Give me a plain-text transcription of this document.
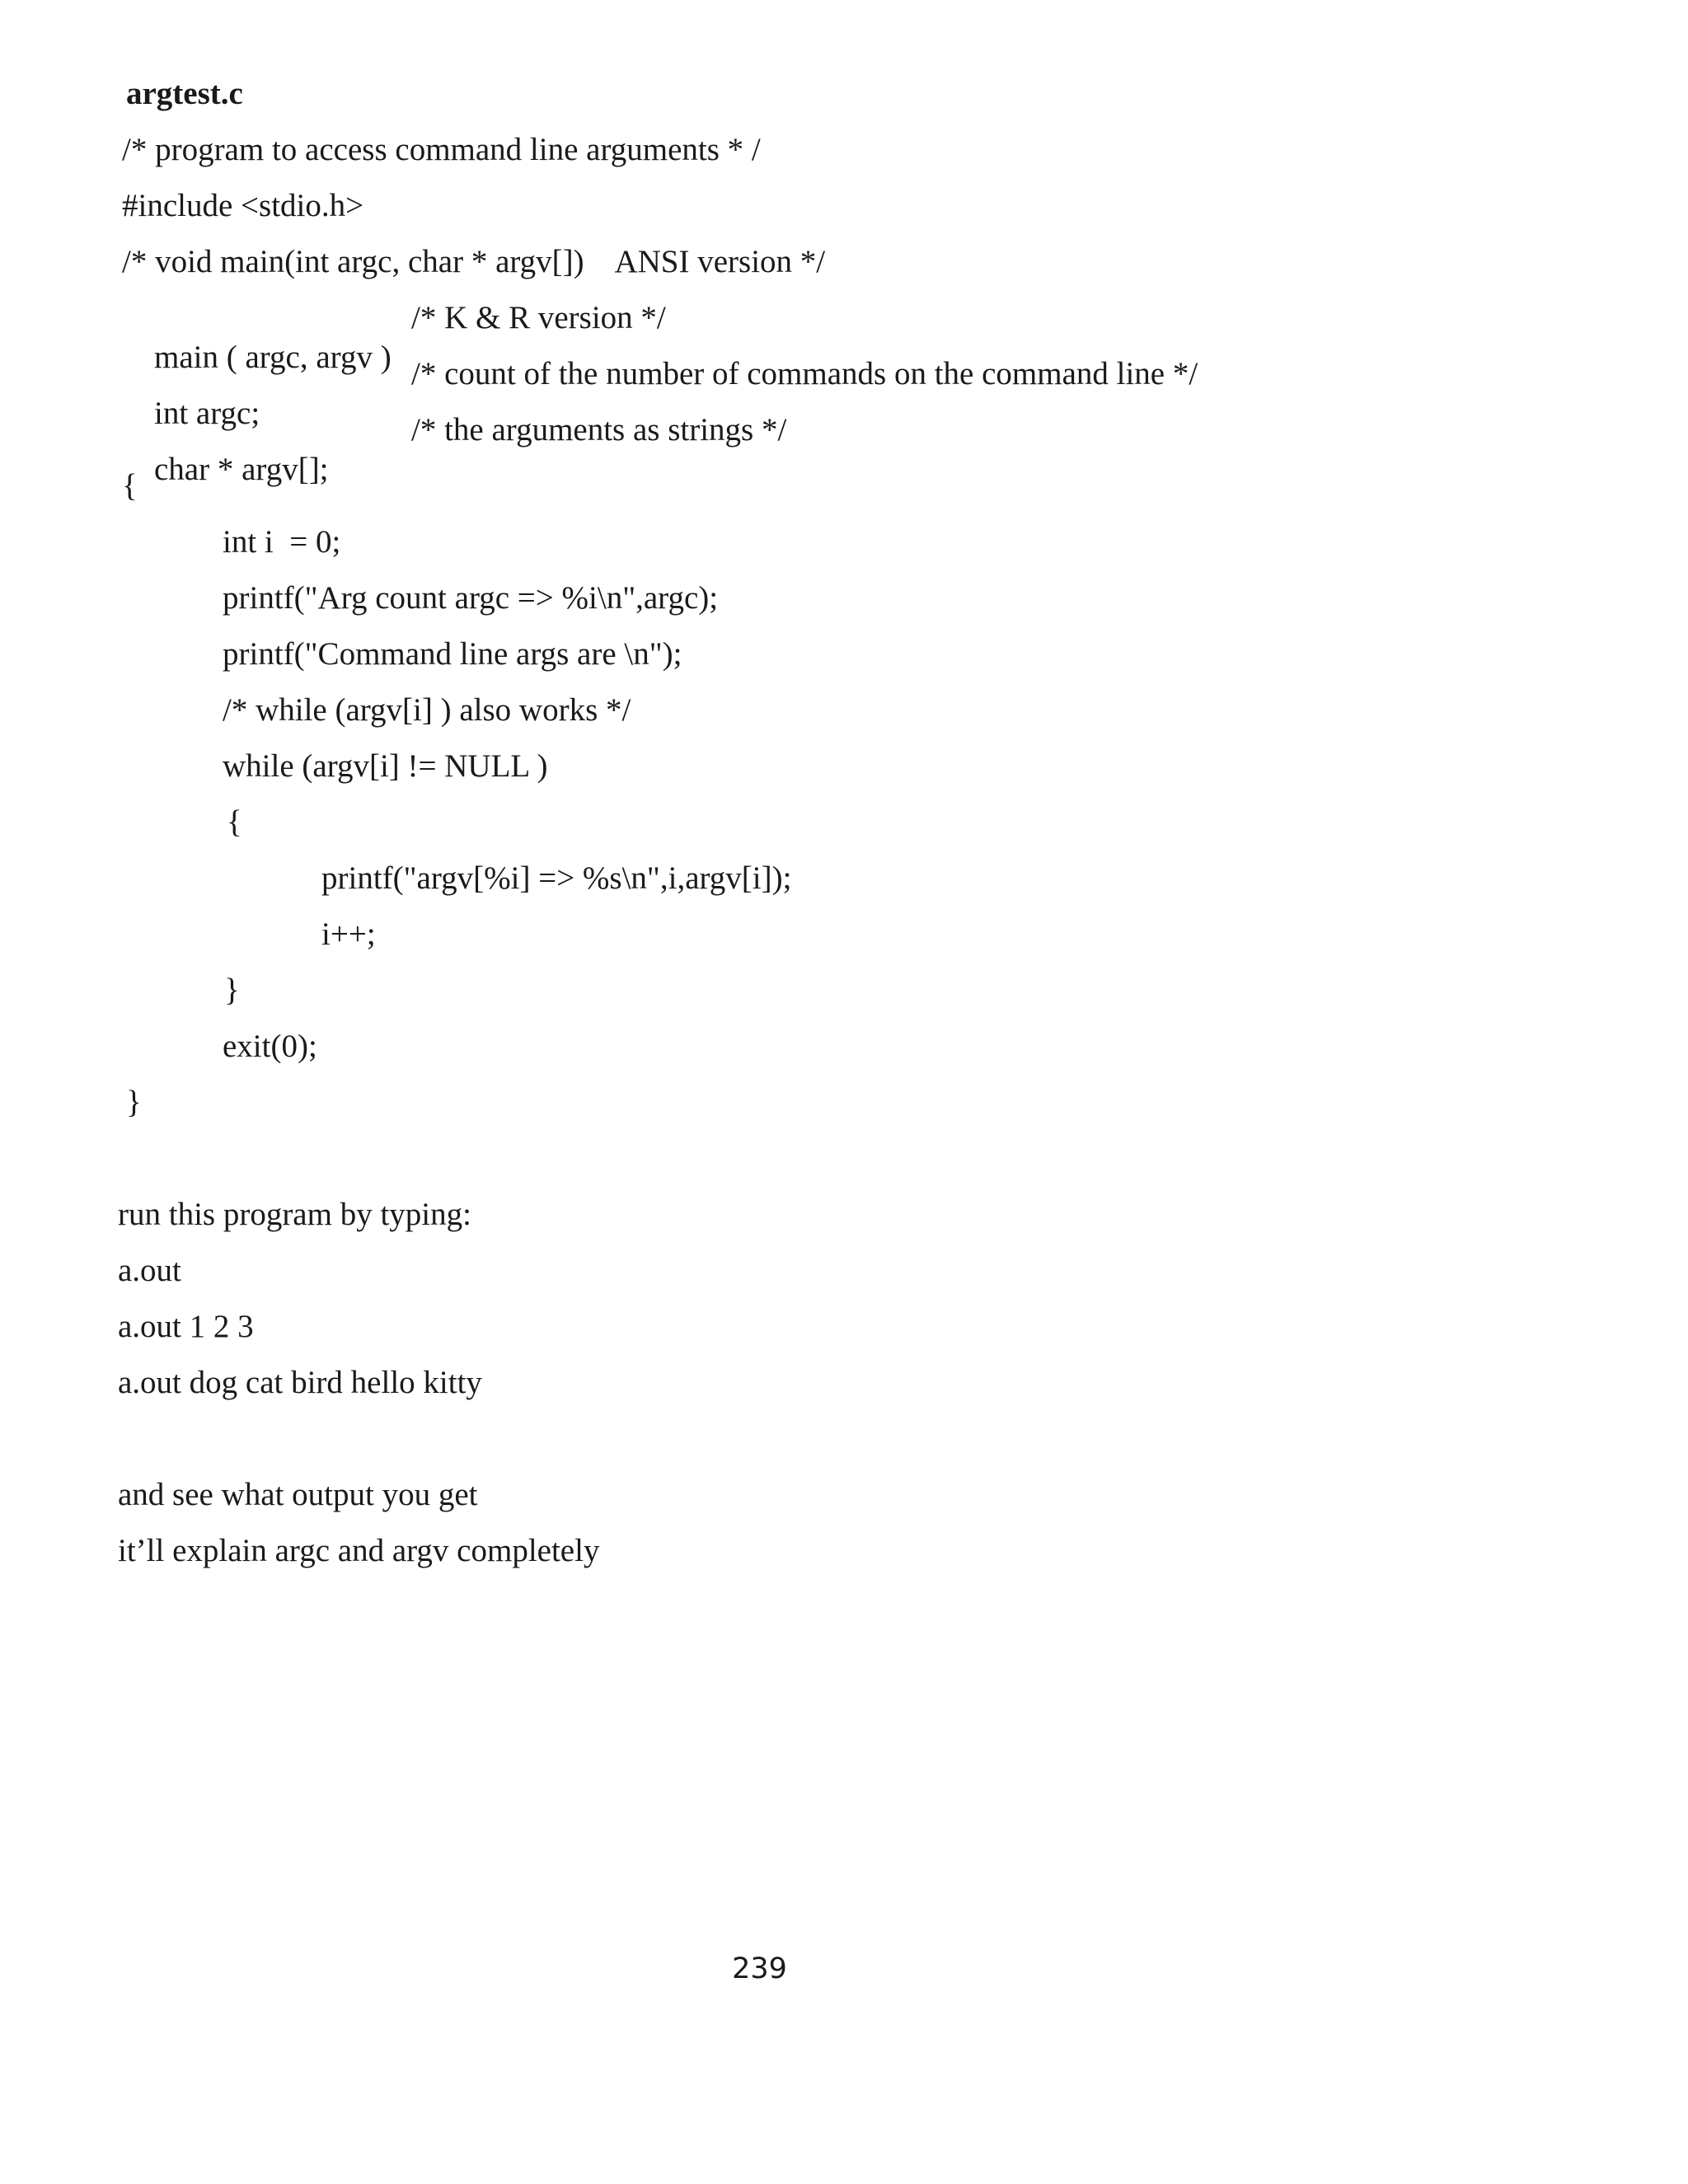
argtest.c
/* program to access command line arguments * /
#include <stdio.h>
/* void main(int argc, char * argv[])    ANSI version */

main ( argc, argv )

/* K & R version */

int argc;

/* count of the number of commands on the command line */

char * argv[];

/* the arguments as strings */

{
int i  = 0;
printf("Arg count argc => %i\n",argc);
printf("Command line args are \n");
/* while (argv[i] ) also works */
while (argv[i] != NULL )
{
printf("argv[%i] => %s\n",i,argv[i]);
i++;
}
exit(0);
}
run this program by typing:
a.out
a.out 1 2 3
a.out dog cat bird hello kitty
and see what output you get
it’ll explain argc and argv completely
239
